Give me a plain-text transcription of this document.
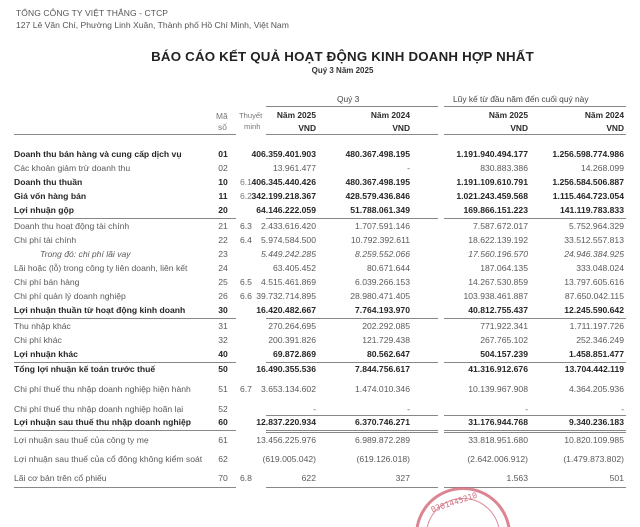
TỔNG CÔNG TY VIỆT THẮNG - CTCP
127 Lê Văn Chí, Phường Linh Xuân, Thành phố Hồ Chí Minh, Việt Nam
BÁO CÁO KẾT QUẢ HOẠT ĐỘNG KINH DOANH HỢP NHẤT
Quý 3 Năm 2025
Mã
số
Thuyết
minh
Quý 3	Lũy kế từ đầu năm đến cuối quý này
Năm 2025	Năm 2024	Năm 2025	Năm 2024
VND	VND	VND	VND
Doanh thu bán hàng và cung cấp dịch vụ	01	406.359.401.903	480.367.498.195	1.191.940.494.177	1.256.598.774.986
Các khoản giảm trừ doanh thu	02	13.961.477	-	830.883.386	14.268.099
Doanh thu thuần	10	6.1 406.345.440.426	480.367.498.195	1.191.109.610.791	1.256.584.506.887
Giá vốn hàng bán	11	6.2 342.199.218.367	428.579.436.846	1.021.243.459.568	1.115.464.723.054
Lợi nhuận gộp	20	64.146.222.059	51.788.061.349	169.866.151.223	141.119.783.833
Doanh thu hoạt động tài chính	21	6.3	2.433.616.420	1.707.591.146	7.587.672.017	5.752.964.329
Chi phí tài chính	22	6.4	5.974.584.500	10.792.392.611	18.622.139.192	33.512.557.813
Trong đó: chi phí lãi vay	23	5.449.242.285	8.259.552.066	17.560.196.570	24.946.384.925
Lãi hoặc (lỗ) trong công ty liên doanh, liên kết	24	63.405.452	80.671.644	187.064.135	333.048.024
Chi phí bán hàng	25	6.5	4.515.461.869	6.039.266.153	14.267.530.859	13.797.605.616
Chi phí quản lý doanh nghiệp	26	6.6 39.732.714.895	28.980.471.405	103.938.461.887	87.650.042.115
Lợi nhuận thuần từ hoạt động kinh doanh	30	16.420.482.667	7.764.193.970	40.812.755.437	12.245.590.642
Thu nhập khác	31	270.264.695	202.292.085	771.922.341	1.711.197.726
Chi phí khác	32	200.391.826	121.729.438	267.765.102	252.346.249
Lợi nhuận khác	40	69.872.869	80.562.647	504.157.239	1.458.851.477
Tổng lợi nhuận kế toán trước thuế	50	16.490.355.536	7.844.756.617	41.316.912.676	13.704.442.119
Chi phí thuế thu nhập doanh nghiệp hiện hành	51	6.7	3.653.134.602	1.474.010.346	10.139.967.908	4.364.205.936
Chi phí thuế thu nhập doanh nghiệp hoãn lại	52	-	-	-	-
Lợi nhuận sau thuế thu nhập doanh nghiệp	60	12.837.220.934	6.370.746.271	31.176.944.768	9.340.236.183
Lợi nhuận sau thuế của công ty mẹ	61	13.456.225.976	6.989.872.289	33.818.951.680	10.820.109.985
Lợi nhuận sau thuế của cổ đông không kiểm soát	62	(619.005.042)	(619.126.018)	(2.642.006.912)	(1.479.873.802)
Lãi cơ bản trên cổ phiếu	70	6.8	622	327	1.563	501
0301445210
